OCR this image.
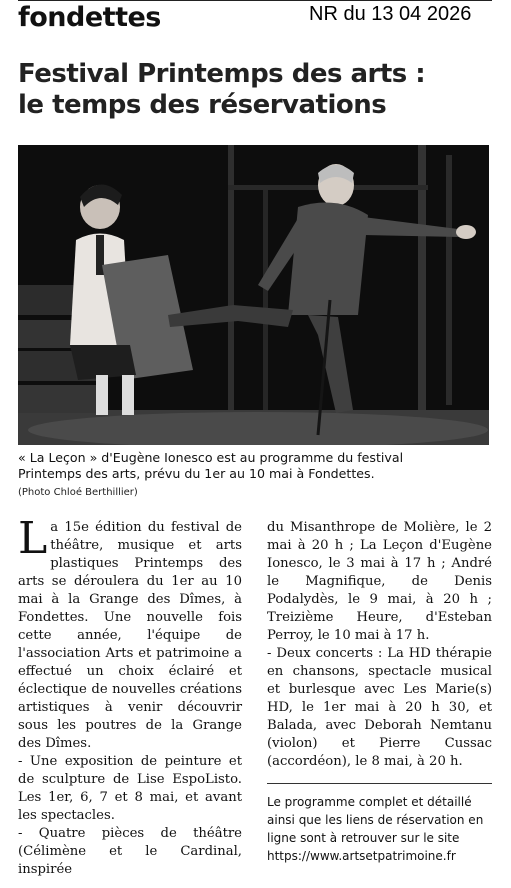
fondettes	NR du 13 04 2026
Festival Printemps des arts :
le temps des réservations
« La Leçon » d'Eugène Ionesco est au programme du festival
Printemps des arts, prévu du 1er au 10 mai à Fondettes.
(Photo Chloé Berthillier)
La 15e édition du festival de théâtre, musique et arts plastiques Printemps des arts se déroulera du 1er au 10 mai à la Grange des Dîmes, à Fondettes. Une nouvelle fois cette année, l'équipe de l'association Arts et patrimoine a effectué un choix éclairé et éclectique de nouvelles créations artistiques à venir découvrir sous les poutres de la Grange des Dîmes.
- Une exposition de peinture et de sculpture de Lise EspoListo. Les 1er, 6, 7 et 8 mai, et avant les spectacles.
- Quatre pièces de théâtre (Célimène et le Cardinal, inspirée
du Misanthrope de Molière, le 2 mai à 20 h ; La Leçon d'Eugène Ionesco, le 3 mai à 17 h ; André le Magnifique, de Denis Podalydès, le 9 mai, à 20 h ; Treizième Heure, d'Esteban Perroy, le 10 mai à 17 h.
- Deux concerts : La HD thérapie en chansons, spectacle musical et burlesque avec Les Marie(s) HD, le 1er mai à 20 h 30, et Balada, avec Deborah Nemtanu (violon) et Pierre Cussac (accordéon), le 8 mai, à 20 h.
Le programme complet et détaillé ainsi que les liens de réservation en ligne sont à retrouver sur le site https://www.artsetpatrimoine.fr
